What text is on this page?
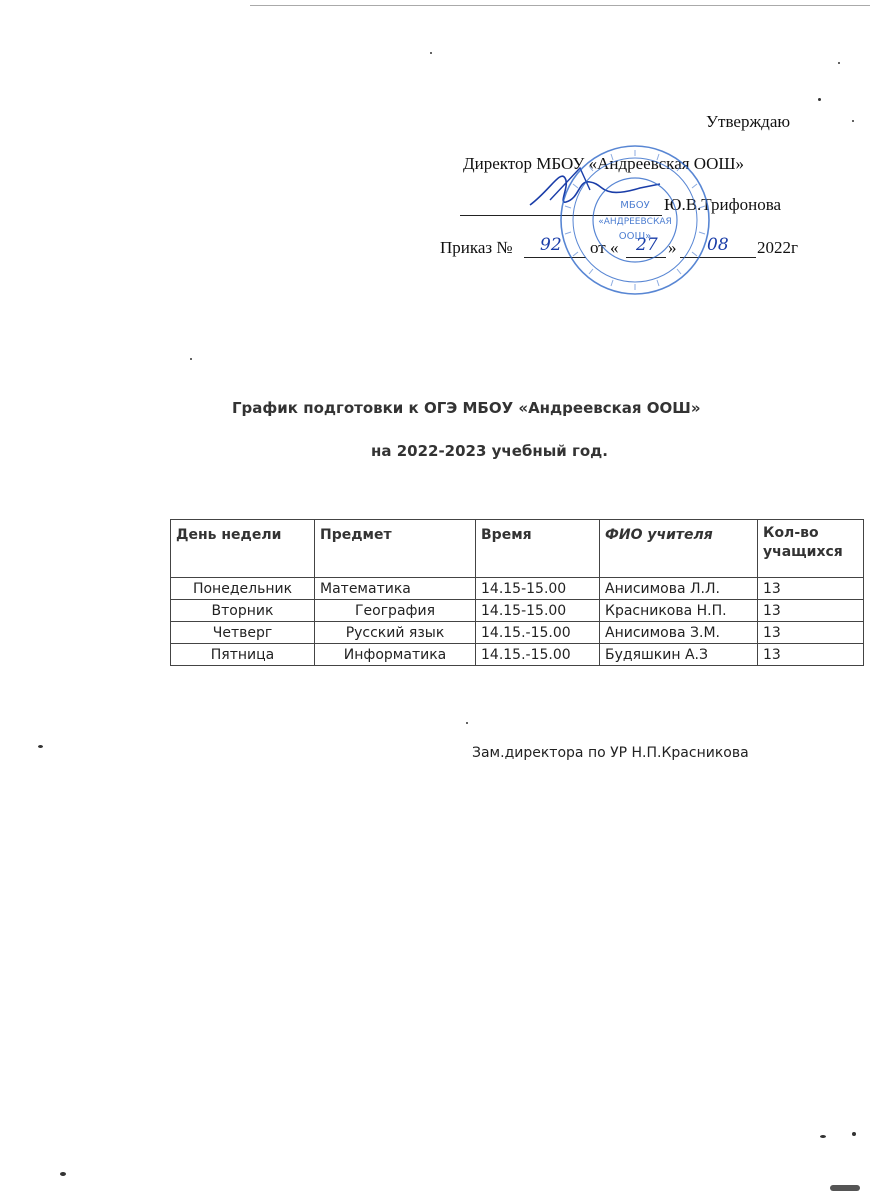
Утверждаю
Директор МБОУ «Андреевская ООШ»
Ю.В.Трифонова
Приказ № 92 от « 27 » 08 2022г
МБОУ
«АНДРЕЕВСКАЯ
ООШ»
График подготовки к ОГЭ МБОУ «Андреевская ООШ»
на 2022-2023 учебный год.
День недели	Предмет	Время	ФИО учителя	Кол-во учащихся
Понедельник	Математика	14.15-15.00	Анисимова Л.Л.	13
Вторник	География	14.15-15.00	Красникова Н.П.	13
Четверг	Русский язык	14.15.-15.00	Анисимова З.М.	13
Пятница	Информатика	14.15.-15.00	Будяшкин А.З	13
Зам.директора по УР Н.П.Красникова
